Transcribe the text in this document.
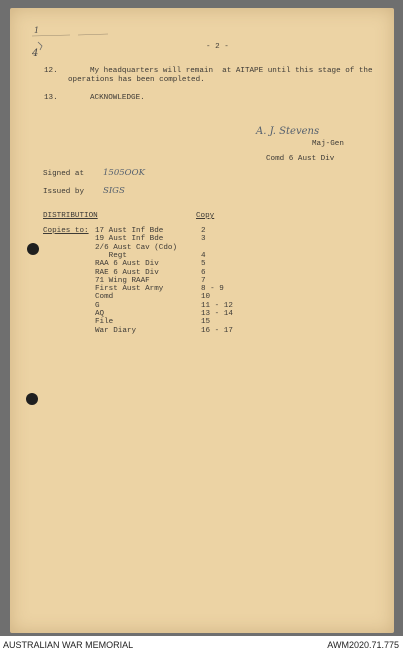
1
4
- 2 -
12.	My headquarters will remain  at AITAPE until this stage of the
operations has been completed.
13.	ACKNOWLEDGE.
A. J. Stevens
Maj-Gen
Comd 6 Aust Div
Signed at 1505OOK
Issued by SIGS
DISTRIBUTION	Copy
Copies to: 17 Aust Inf Bde	2
19 Aust Inf Bde	3
2/6 Aust Cav (Cdo)
Regt	4
RAA 6 Aust Div	5
RAE 6 Aust Div	6
71 Wing RAAF	7
First Aust Army	8 - 9
Comd	10
G	11 - 12
AQ	13 - 14
File	15
War Diary	16 - 17
AUSTRALIAN WAR MEMORIAL	AWM2020.71.775
